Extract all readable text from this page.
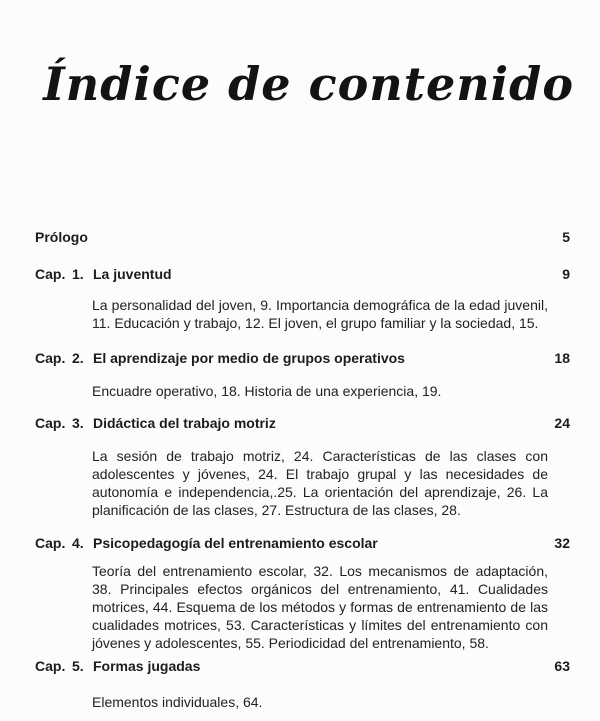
Índice de contenido
Prólogo	5
Cap. 1. La juventud	9

La personalidad del joven, 9. Importancia demográfica de la edad juvenil, 11. Educación y trabajo, 12. El joven, el grupo familiar y la sociedad, 15.

Cap. 2. El aprendizaje por medio de grupos operativos	18

Encuadre operativo, 18. Historia de una experiencia, 19.

Cap. 3. Didáctica del trabajo motriz	24

La sesión de trabajo motriz, 24. Características de las clases con adolescentes y jóvenes, 24. El trabajo grupal y las necesidades de autonomía e independencia,.25. La orientación del aprendizaje, 26. La planificación de las clases, 27. Estructura de las clases, 28.

Cap. 4. Psicopedagogía del entrenamiento escolar	32

Teoría del entrenamiento escolar, 32. Los mecanismos de adaptación, 38. Principales efectos orgánicos del entrenamiento, 41. Cualidades motrices, 44. Esquema de los métodos y formas de entrenamiento de las cualidades motrices, 53. Características y límites del entrenamiento con jóvenes y adolescentes, 55. Periodicidad del entrenamiento, 58.

Cap. 5. Formas jugadas	63

Elementos individuales, 64.
